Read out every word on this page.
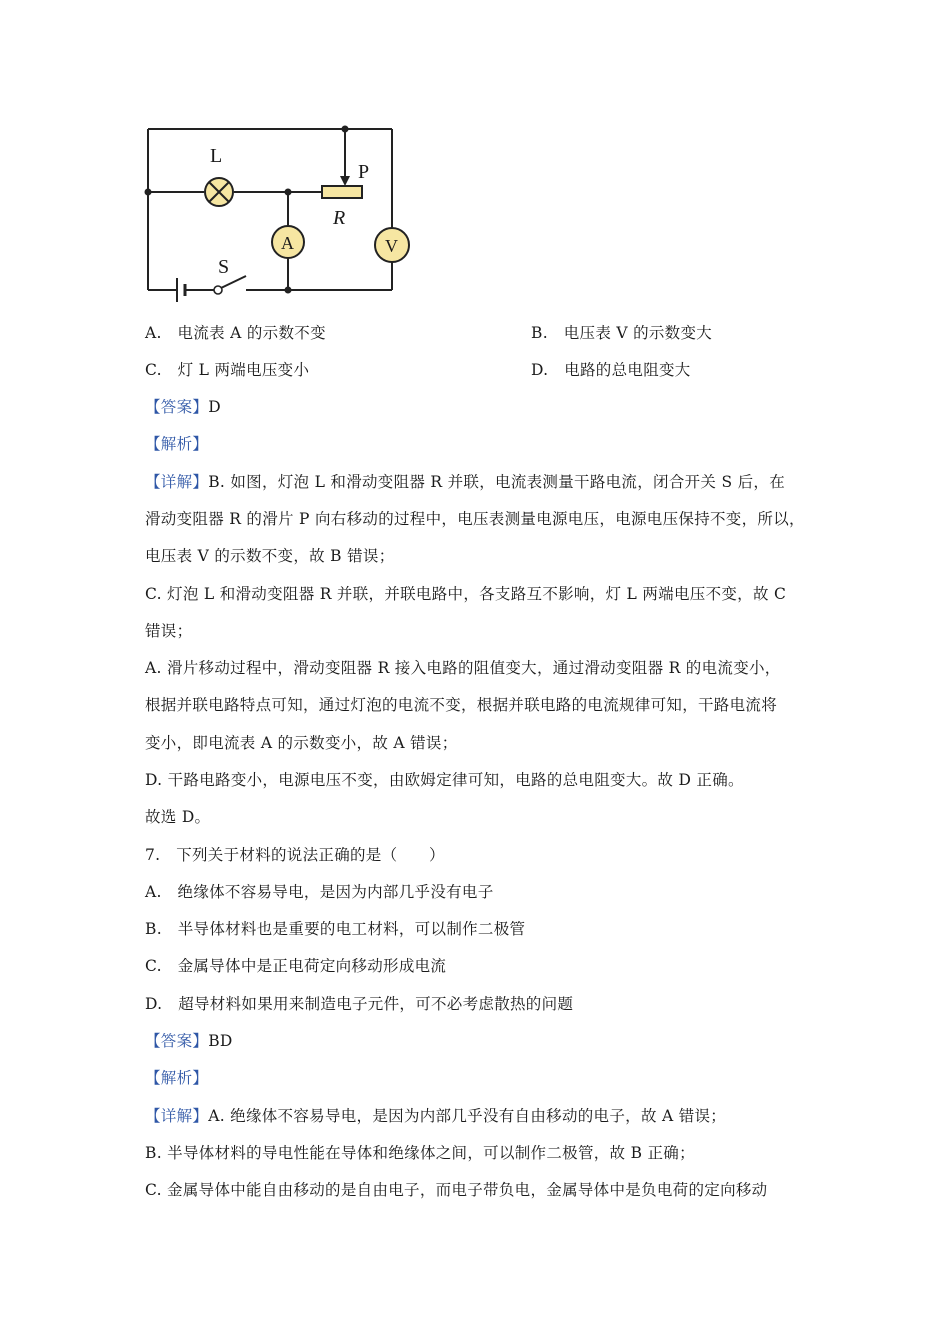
L
P
R
A	V
S
A.　电流表 A 的示数不变	B.　电压表 V 的示数变大
C.　灯 L 两端电压变小	D.　电路的总电阻变大
【答案】D
【解析】
【详解】B. 如图，灯泡 L 和滑动变阻器 R 并联，电流表测量干路电流，闭合开关 S 后，在
滑动变阻器 R 的滑片 P 向右移动的过程中，电压表测量电源电压，电源电压保持不变，所以，
电压表 V 的示数不变，故 B 错误；
C. 灯泡 L 和滑动变阻器 R 并联，并联电路中，各支路互不影响，灯 L 两端电压不变，故 C
错误；
A. 滑片移动过程中，滑动变阻器 R 接入电路的阻值变大，通过滑动变阻器 R 的电流变小，
根据并联电路特点可知，通过灯泡的电流不变，根据并联电路的电流规律可知，干路电流将
变小，即电流表 A 的示数变小，故 A 错误；
D. 干路电路变小，电源电压不变，由欧姆定律可知，电路的总电阻变大。故 D 正确。
故选 D。
7.　下列关于材料的说法正确的是（　　）
A.　绝缘体不容易导电，是因为内部几乎没有电子
B.　半导体材料也是重要的电工材料，可以制作二极管
C.　金属导体中是正电荷定向移动形成电流
D.　超导材料如果用来制造电子元件，可不必考虑散热的问题
【答案】BD
【解析】
【详解】A. 绝缘体不容易导电，是因为内部几乎没有自由移动的电子，故 A 错误；
B. 半导体材料的导电性能在导体和绝缘体之间，可以制作二极管，故 B 正确；
C. 金属导体中能自由移动的是自由电子，而电子带负电，金属导体中是负电荷的定向移动
